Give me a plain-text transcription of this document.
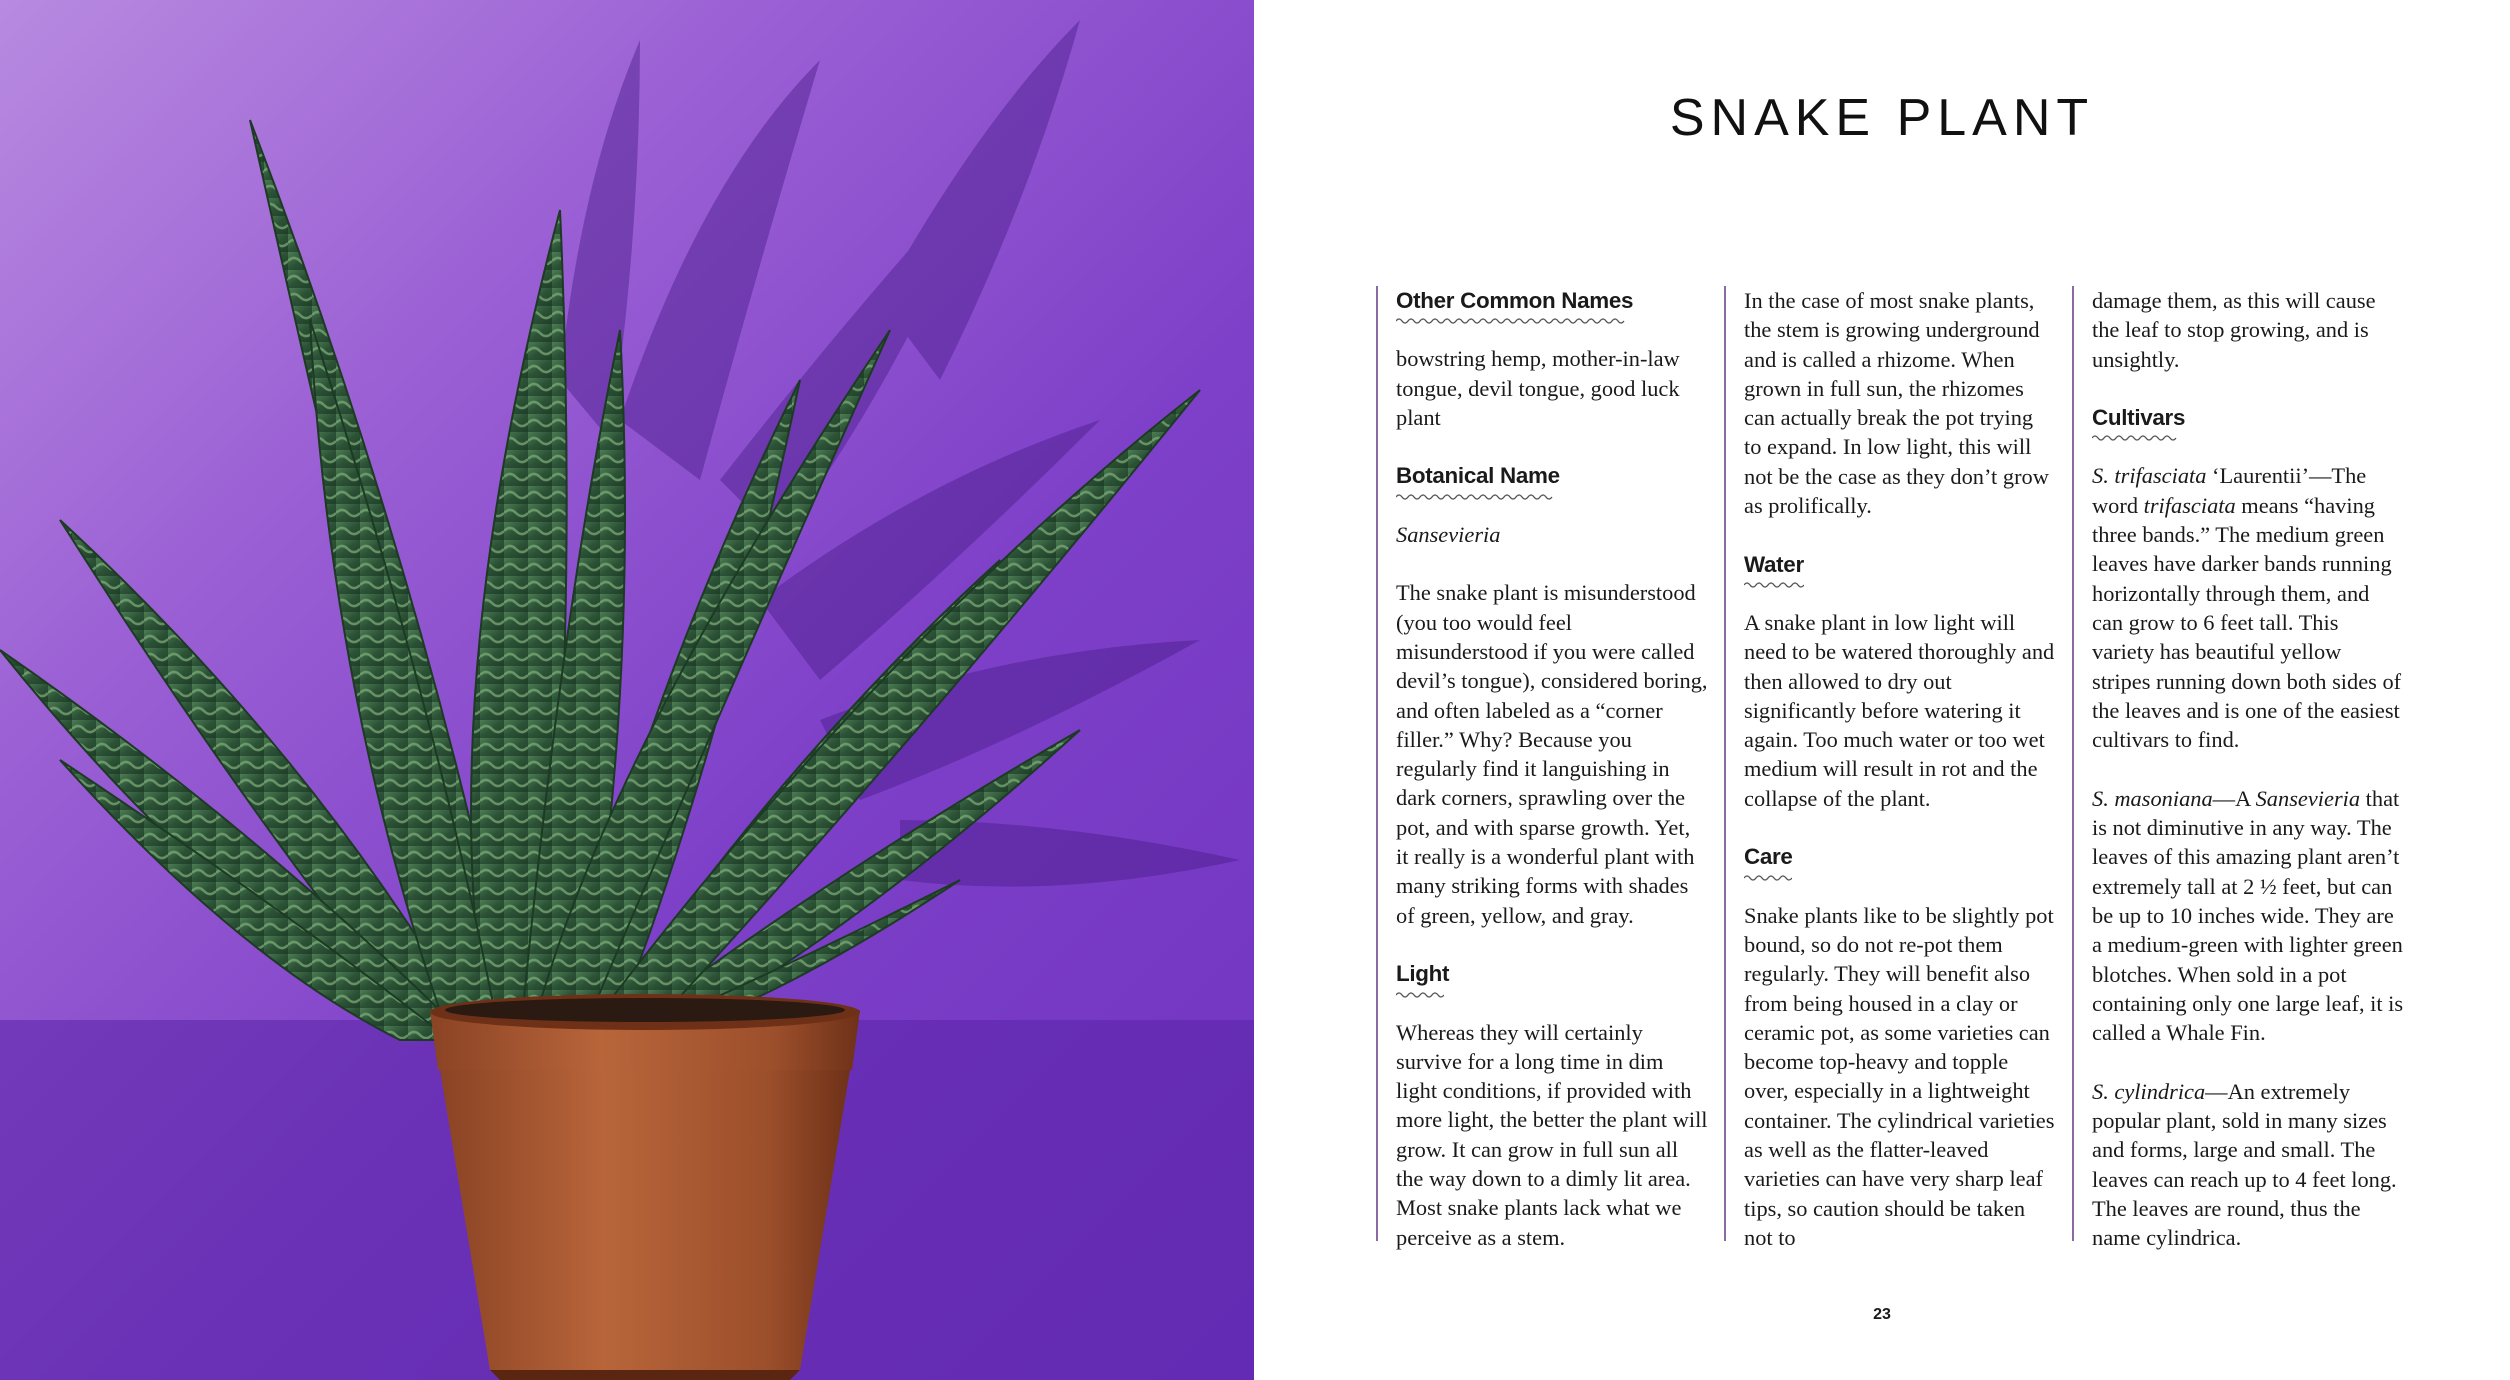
SNAKE PLANT
Other Common Names

bowstring hemp, mother-in-law tongue, devil tongue, good luck plant

Botanical Name

Sansevieria

The snake plant is misunderstood (you too would feel misunderstood if you were called devil’s tongue), considered boring, and often labeled as a “corner filler.” Why? Because you regularly find it languishing in dark corners, sprawling over the pot, and with sparse growth. Yet, it really is a wonderful plant with many striking forms with shades of green, yellow, and gray.

Light

Whereas they will certainly survive for a long time in dim light conditions, if provided with more light, the better the plant will grow. It can grow in full sun all the way down to a dimly lit area. Most snake plants lack what we perceive as a stem.

In the case of most snake plants, the stem is growing underground and is called a rhizome. When grown in full sun, the rhizomes can actually break the pot trying to expand. In low light, this will not be the case as they don’t grow as prolifically.

Water

A snake plant in low light will need to be watered thoroughly and then allowed to dry out significantly before watering it again. Too much water or too wet medium will result in rot and the collapse of the plant.

Care

Snake plants like to be slightly pot bound, so do not re-pot them regularly. They will benefit also from being housed in a clay or ceramic pot, as some varieties can become top-heavy and topple over, especially in a lightweight container. The cylindrical varieties as well as the flatter-leaved varieties can have very sharp leaf tips, so caution should be taken not to

damage them, as this will cause the leaf to stop growing, and is unsightly.

Cultivars

S. trifasciata ‘Laurentii’—The word trifasciata means “having three bands.” The medium green leaves have darker bands running horizontally through them, and can grow to 6 feet tall. This variety has beautiful yellow stripes running down both sides of the leaves and is one of the easiest cultivars to find.

S. masoniana—A Sansevieria that is not diminutive in any way. The leaves of this amazing plant aren’t extremely tall at 2 ½ feet, but can be up to 10 inches wide. They are a medium-green with lighter green blotches. When sold in a pot containing only one large leaf, it is called a Whale Fin.

S. cylindrica—An extremely popular plant, sold in many sizes and forms, large and small. The leaves can reach up to 4 feet long. The leaves are round, thus the name cylindrica.

23
